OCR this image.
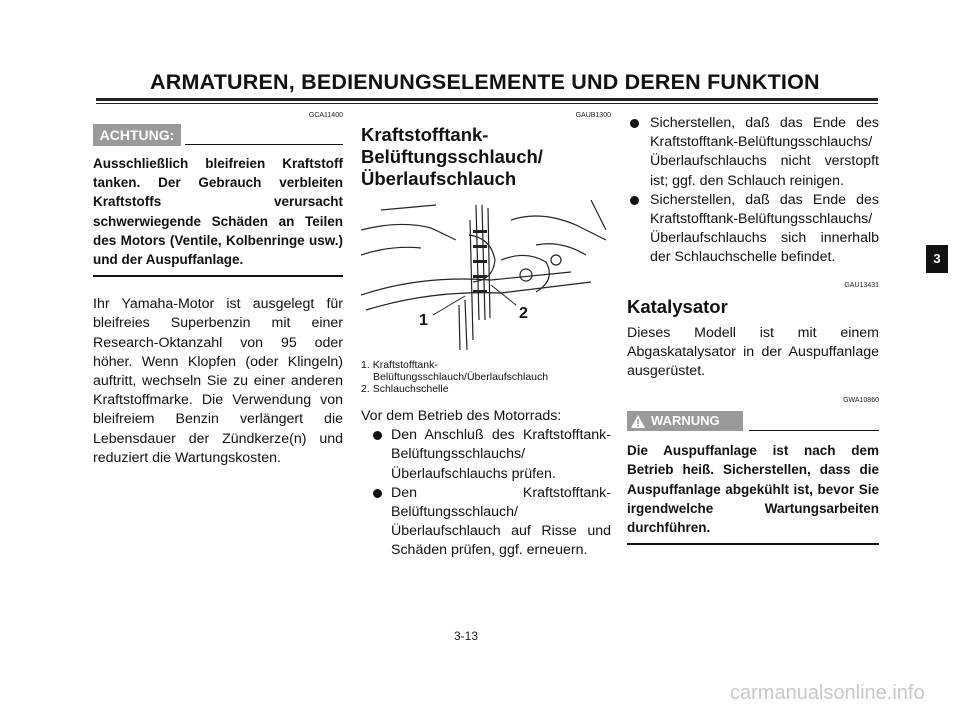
ARMATUREN, BEDIENUNGSELEMENTE UND DEREN FUNKTION
GCA11400
ACHTUNG:
Ausschließlich bleifreien Kraftstoff tanken. Der Gebrauch verbleiten Kraftstoffs verursacht schwerwiegende Schäden an Teilen des Motors (Ventile, Kolbenringe usw.) und der Auspuffanlage.
Ihr Yamaha-Motor ist ausgelegt für bleifreies Superbenzin mit einer Research-Oktanzahl von 95 oder höher. Wenn Klopfen (oder Klingeln) auftritt, wechseln Sie zu einer anderen Kraftstoffmarke. Die Verwendung von bleifreiem Benzin verlängert die Lebensdauer der Zündkerze(n) und reduziert die Wartungskosten.
GAUB1300
Kraftstofftank-
Belüftungsschlauch/
Überlaufschlauch
1	2
1. Kraftstofftank-
Belüftungsschlauch/Überlaufschlauch
2. Schlauchschelle
Vor dem Betrieb des Motorrads:
Den Anschluß des Kraftstofftank-Belüftungsschlauchs/Überlaufschlauchs prüfen.
Den Kraftstofftank-Belüftungsschlauch/Überlaufschlauch auf Risse und Schäden prüfen, ggf. erneuern.
Sicherstellen, daß das Ende des Kraftstofftank-Belüftungsschlauchs/ Überlaufschlauchs nicht verstopft ist; ggf. den Schlauch reinigen.
Sicherstellen, daß das Ende des Kraftstofftank-Belüftungsschlauchs/Überlaufschlauchs sich innerhalb der Schlauchschelle befindet.
GAU13431
Katalysator
Dieses Modell ist mit einem Abgaskatalysator in der Auspuffanlage ausgerüstet.
GWA10860
WARNUNG
Die Auspuffanlage ist nach dem Betrieb heiß. Sicherstellen, dass die Auspuffanlage abgekühlt ist, bevor Sie irgendwelche Wartungsarbeiten durchführen.
3
3-13
carmanualsonline.info
